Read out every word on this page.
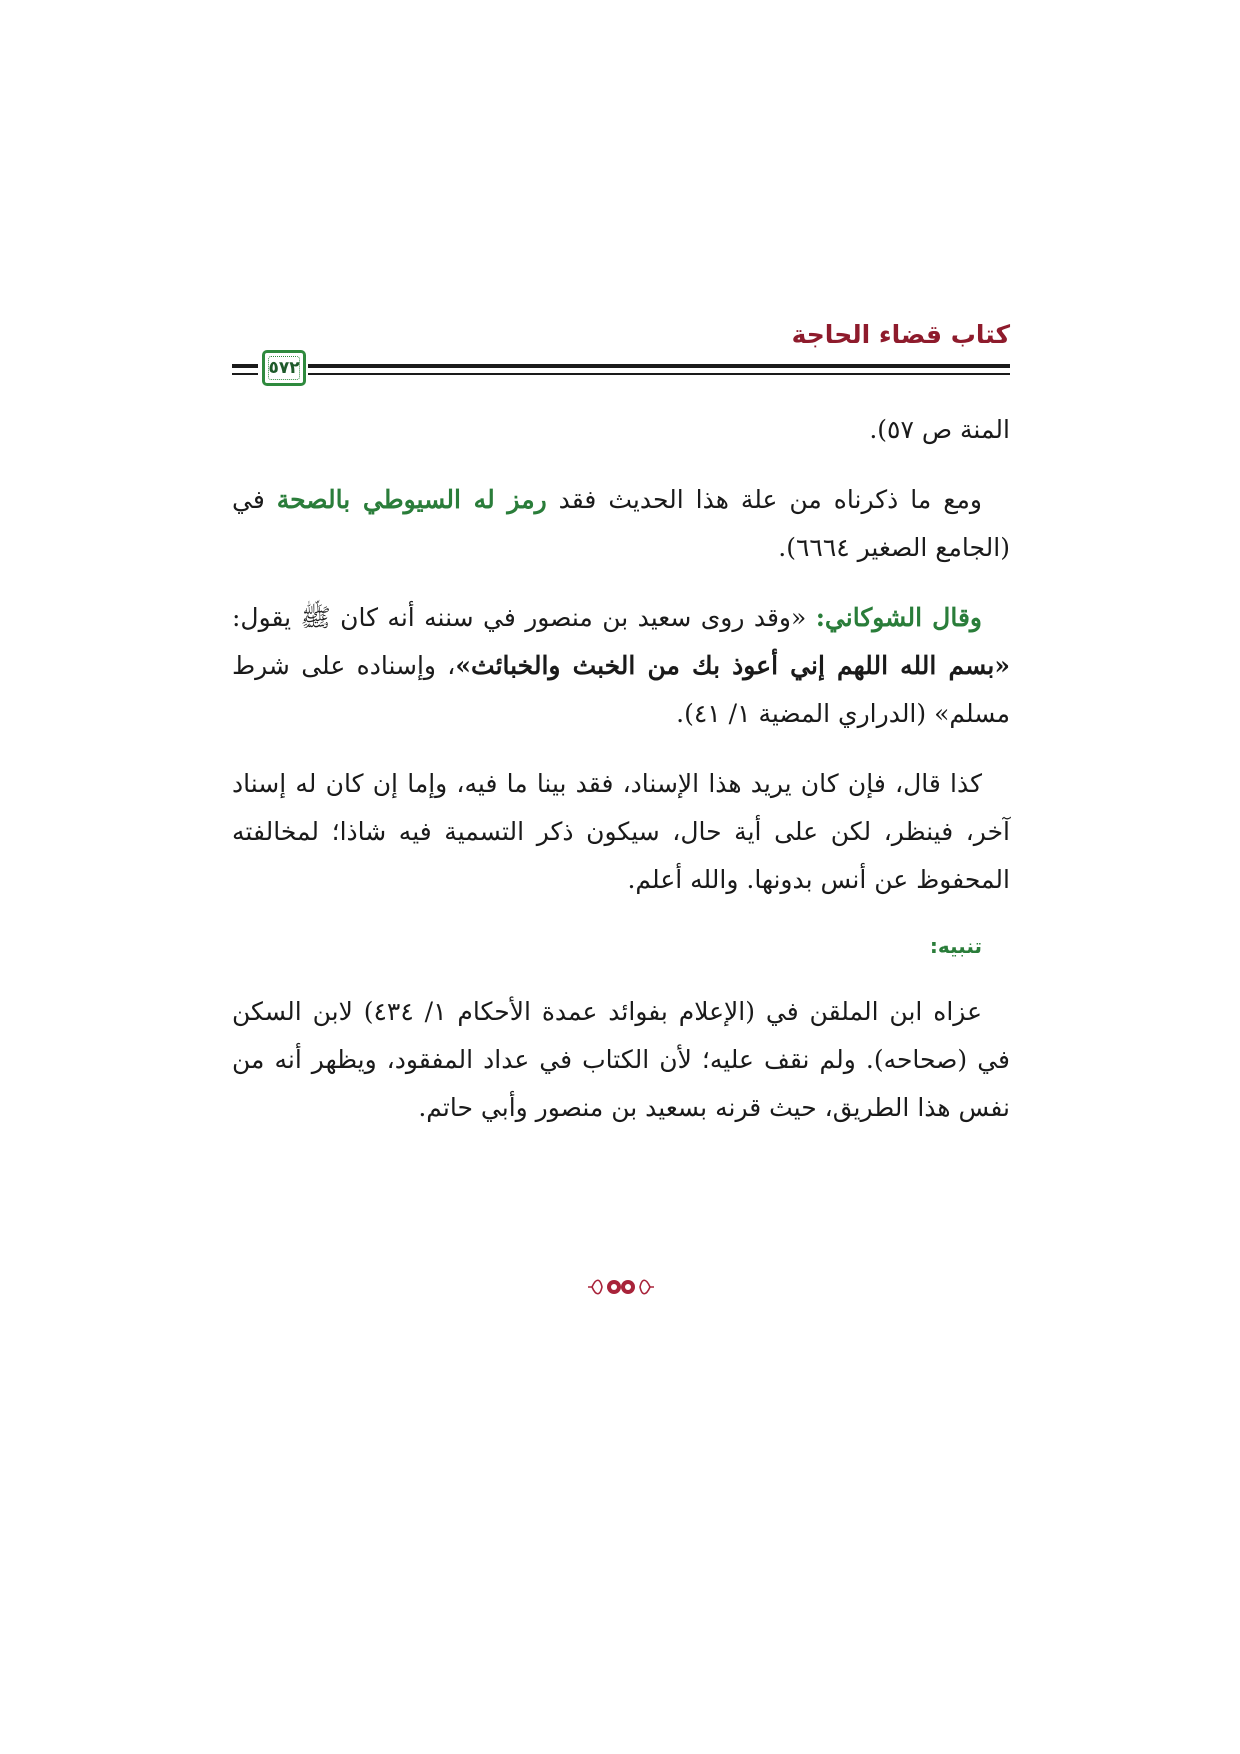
كتاب قضاء الحاجة
٥٧٢

المنة ص ٥٧).

ومع ما ذكرناه من علة هذا الحديث فقد رمز له السيوطي بالصحة في (الجامع الصغير ٦٦٦٤).

وقال الشوكاني: «وقد روى سعيد بن منصور في سننه أنه كان ﷺ يقول: «بسم الله اللهم إني أعوذ بك من الخبث والخبائث»، وإسناده على شرط مسلم» (الدراري المضية ١/ ٤١).

كذا قال، فإن كان يريد هذا الإسناد، فقد بينا ما فيه، وإما إن كان له إسناد آخر، فينظر، لكن على أية حال، سيكون ذكر التسمية فيه شاذا؛ لمخالفته المحفوظ عن أنس بدونها. والله أعلم.

تنبيه:

عزاه ابن الملقن في (الإعلام بفوائد عمدة الأحكام ١/ ٤٣٤) لابن السكن في (صحاحه). ولم نقف عليه؛ لأن الكتاب في عداد المفقود، ويظهر أنه من نفس هذا الطريق، حيث قرنه بسعيد بن منصور وأبي حاتم.
